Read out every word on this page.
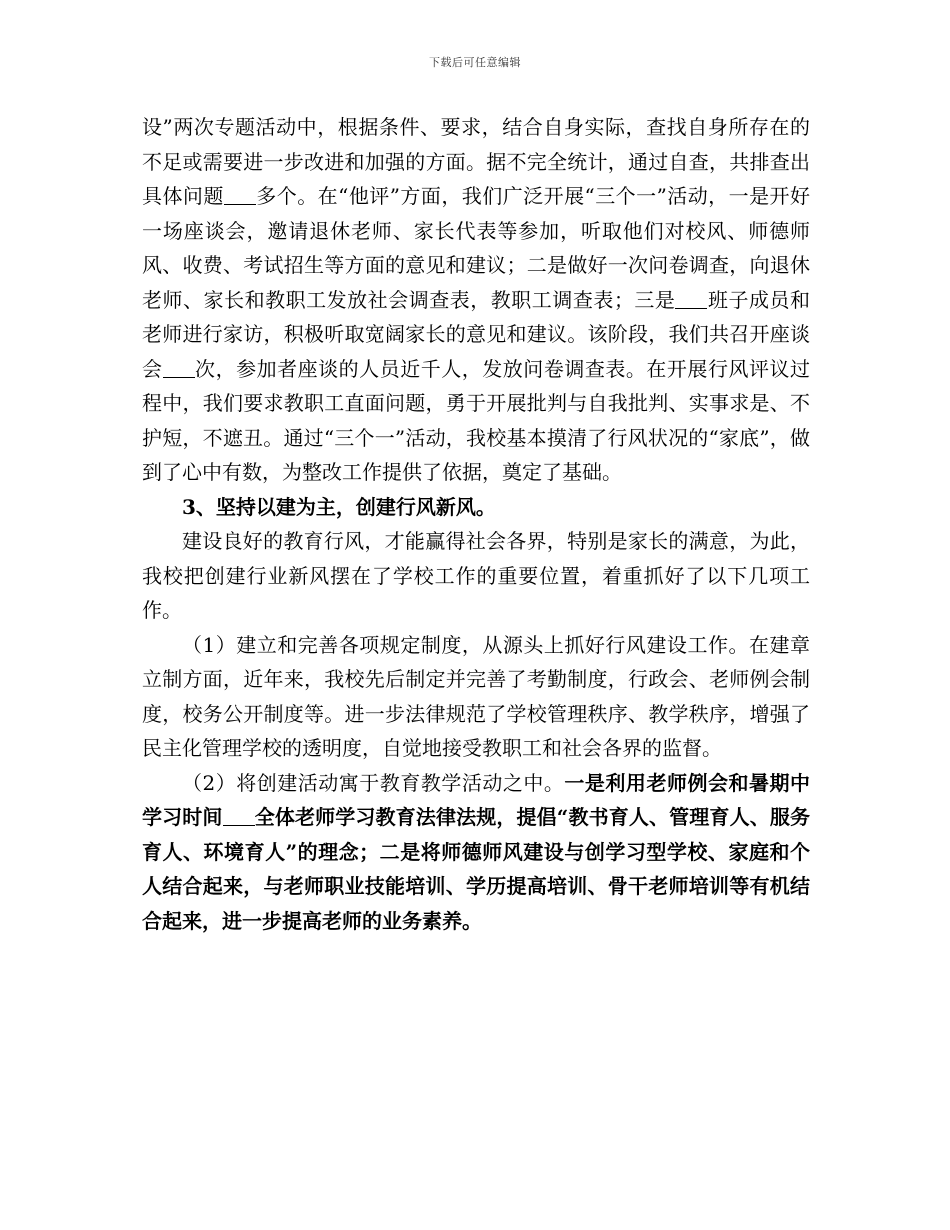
下载后可任意编辑

设”两次专题活动中，根据条件、要求，结合自身实际，查找自身所存在的不足或需要进一步改进和加强的方面。据不完全统计，通过自查，共排查出具体问题 多个。在“他评”方面，我们广泛开展“三个一”活动，一是开好一场座谈会，邀请退休老师、家长代表等参加，听取他们对校风、师德师风、收费、考试招生等方面的意见和建议；二是做好一次问卷调查，向退休老师、家长和教职工发放社会调查表，教职工调查表；三是 班子成员和老师进行家访，积极听取宽阔家长的意见和建议。该阶段，我们共召开座谈会 次，参加者座谈的人员近千人，发放问卷调查表。在开展行风评议过程中，我们要求教职工直面问题，勇于开展批判与自我批判、实事求是、不护短，不遮丑。通过“三个一”活动，我校基本摸清了行风状况的“家底”，做到了心中有数，为整改工作提供了依据，奠定了基础。

3、坚持以建为主，创建行风新风。

建设良好的教育行风，才能赢得社会各界，特别是家长的满意，为此，我校把创建行业新风摆在了学校工作的重要位置，着重抓好了以下几项工作。

（1）建立和完善各项规定制度，从源头上抓好行风建设工作。在建章立制方面，近年来，我校先后制定并完善了考勤制度，行政会、老师例会制度，校务公开制度等。进一步法律规范了学校管理秩序、教学秩序，增强了民主化管理学校的透明度，自觉地接受教职工和社会各界的监督。

（2）将创建活动寓于教育教学活动之中。一是利用老师例会和暑期中学习时间 全体老师学习教育法律法规，提倡“教书育人、管理育人、服务育人、环境育人”的理念；二是将师德师风建设与创学习型学校、家庭和个人结合起来，与老师职业技能培训、学历提高培训、骨干老师培训等有机结合起来，进一步提高老师的业务素养。
